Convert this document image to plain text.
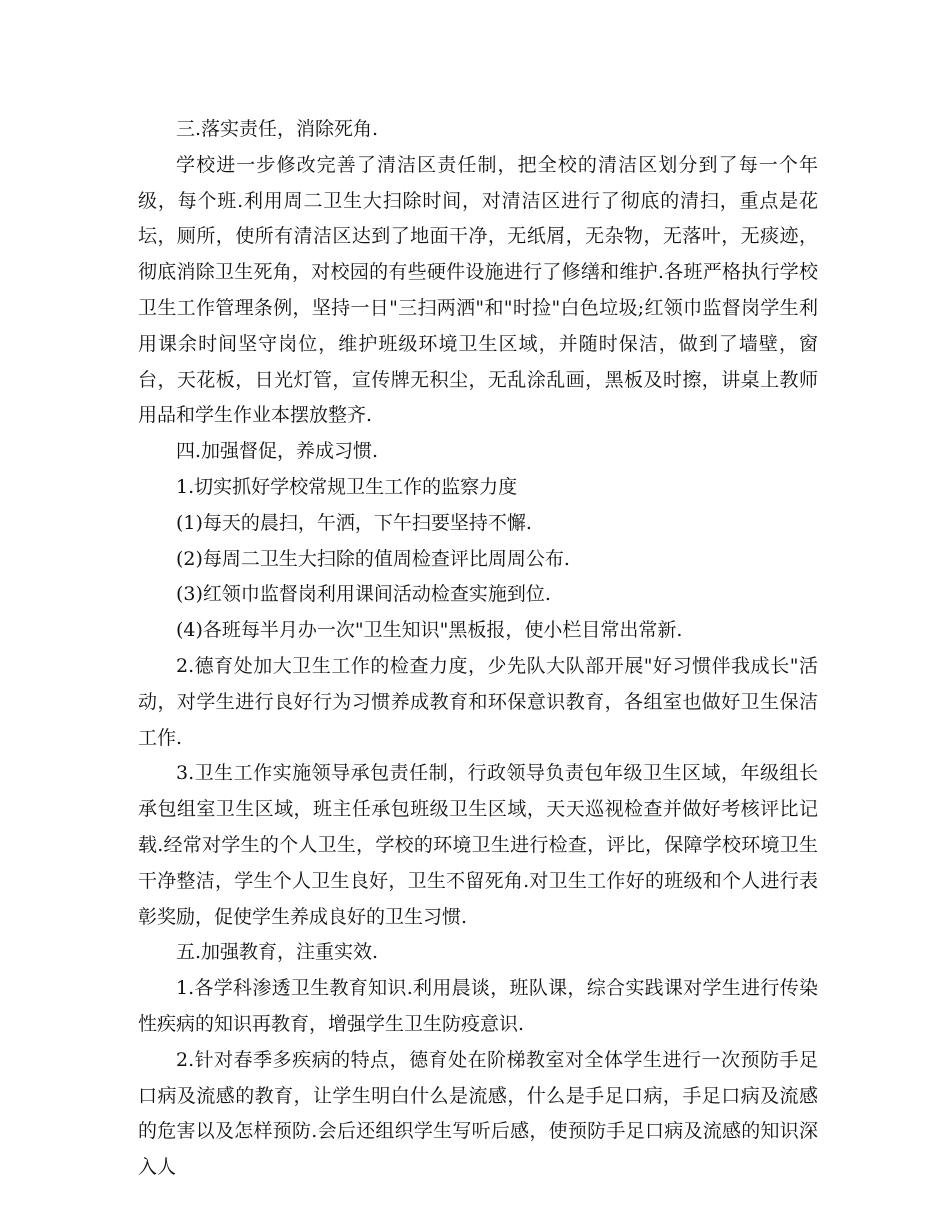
三.落实责任，消除死角.

学校进一步修改完善了清洁区责任制，把全校的清洁区划分到了每一个年级，每个班.利用周二卫生大扫除时间，对清洁区进行了彻底的清扫，重点是花坛，厕所，使所有清洁区达到了地面干净，无纸屑，无杂物，无落叶，无痰迹，彻底消除卫生死角，对校园的有些硬件设施进行了修缮和维护.各班严格执行学校卫生工作管理条例，坚持一日"三扫两洒"和"时捡"白色垃圾;红领巾监督岗学生利用课余时间坚守岗位，维护班级环境卫生区域，并随时保洁，做到了墙壁，窗台，天花板，日光灯管，宣传牌无积尘，无乱涂乱画，黑板及时擦，讲桌上教师用品和学生作业本摆放整齐.

四.加强督促，养成习惯.

1.切实抓好学校常规卫生工作的监察力度

(1)每天的晨扫，午洒，下午扫要坚持不懈.

(2)每周二卫生大扫除的值周检查评比周周公布.

(3)红领巾监督岗利用课间活动检查实施到位.

(4)各班每半月办一次"卫生知识"黑板报，使小栏目常出常新.

2.德育处加大卫生工作的检查力度，少先队大队部开展"好习惯伴我成长"活动，对学生进行良好行为习惯养成教育和环保意识教育，各组室也做好卫生保洁工作.

3.卫生工作实施领导承包责任制，行政领导负责包年级卫生区域，年级组长承包组室卫生区域，班主任承包班级卫生区域，天天巡视检查并做好考核评比记载.经常对学生的个人卫生，学校的环境卫生进行检查，评比，保障学校环境卫生干净整洁，学生个人卫生良好，卫生不留死角.对卫生工作好的班级和个人进行表彰奖励，促使学生养成良好的卫生习惯.

五.加强教育，注重实效.

1.各学科渗透卫生教育知识.利用晨谈，班队课，综合实践课对学生进行传染性疾病的知识再教育，增强学生卫生防疫意识.

2.针对春季多疾病的特点，德育处在阶梯教室对全体学生进行一次预防手足口病及流感的教育，让学生明白什么是流感，什么是手足口病，手足口病及流感的危害以及怎样预防.会后还组织学生写听后感，使预防手足口病及流感的知识深入人
